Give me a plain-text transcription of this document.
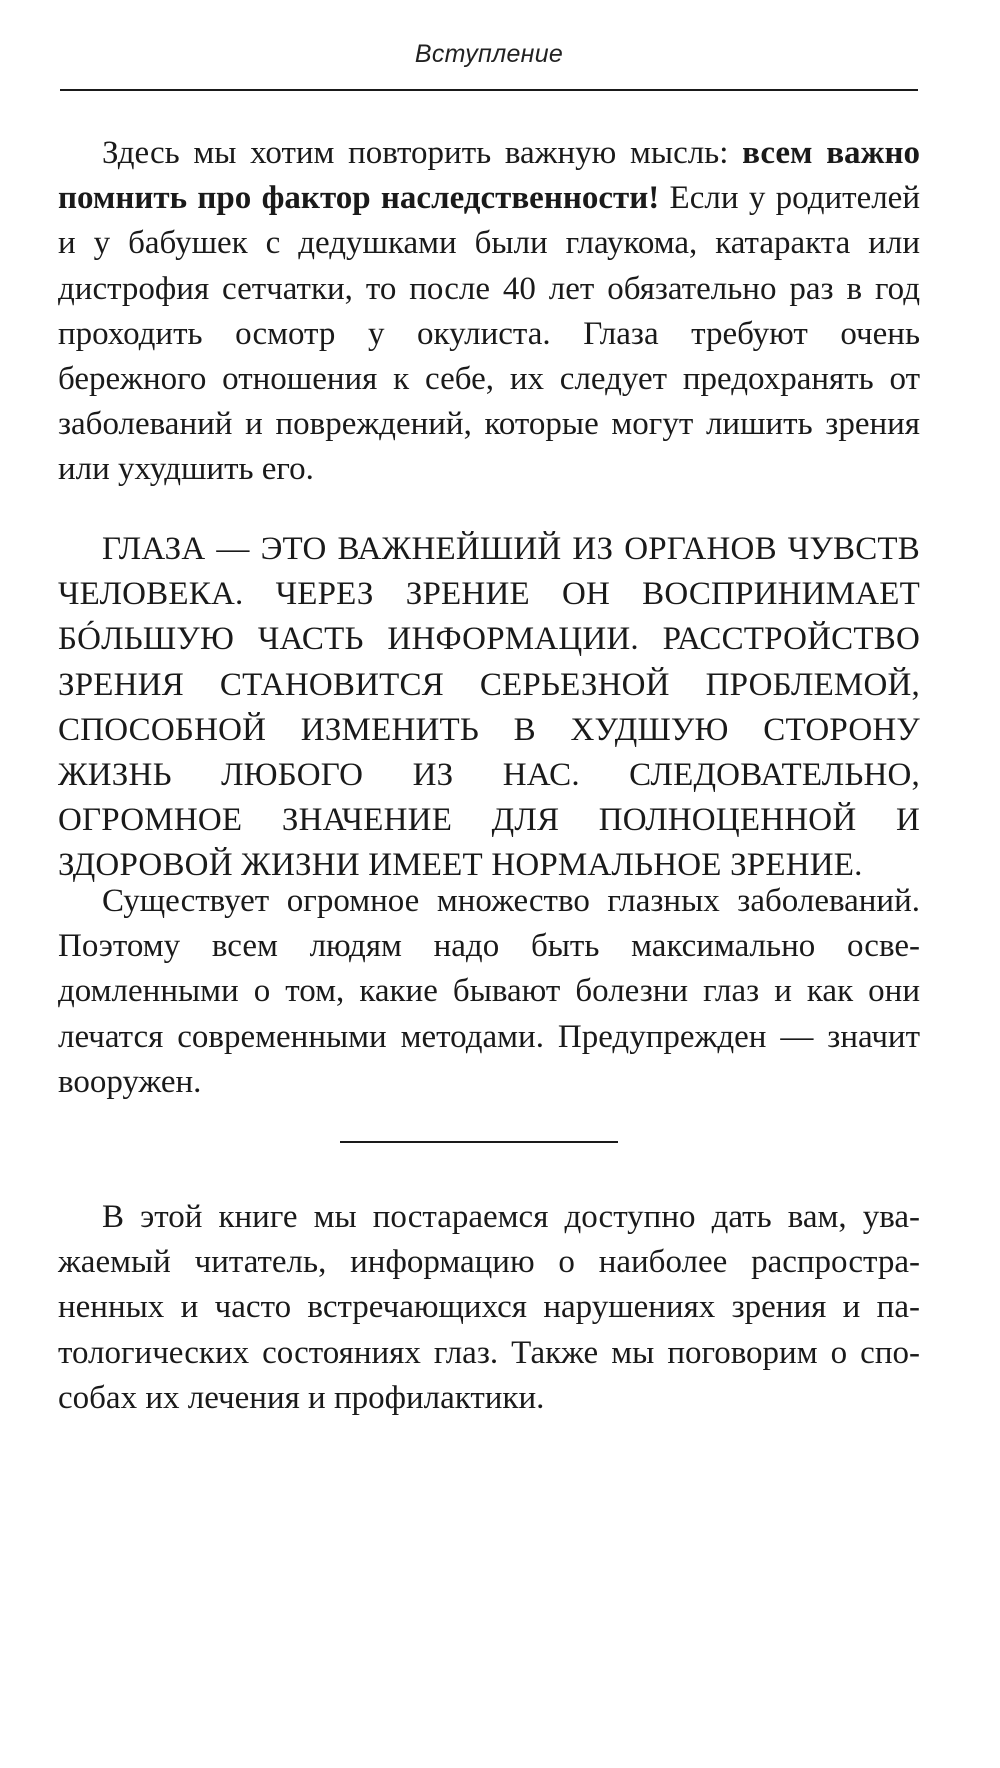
Вступление

Здесь мы хотим повторить важную мысль: всем важно помнить про фактор наследственности! Если у родителей и у бабушек с дедушками были глаукома, катаракта или дистрофия сетчатки, то после 40 лет обязательно раз в год проходить осмотр у окулиста. Глаза требуют очень бережного отношения к себе, их следует предохранять от заболеваний и повреждений, которые могут лишить зрения или ухудшить его.

ГЛАЗА — ЭТО ВАЖНЕЙШИЙ ИЗ ОРГАНОВ ЧУВСТВ ЧЕЛОВЕКА. ЧЕРЕЗ ЗРЕНИЕ ОН ВОСПРИНИМАЕТ БÓЛЬШУЮ ЧАСТЬ ИНФОРМАЦИИ. РАССТРОЙСТВО ЗРЕНИЯ СТАНОВИТСЯ СЕРЬЕЗНОЙ ПРОБЛЕМОЙ, СПОСОБНОЙ ИЗМЕНИТЬ В ХУДШУЮ СТОРОНУ ЖИЗНЬ ЛЮБОГО ИЗ НАС. СЛЕДОВАТЕЛЬНО, ОГРОМНОЕ ЗНАЧЕНИЕ ДЛЯ ПОЛНОЦЕННОЙ И ЗДОРОВОЙ ЖИЗНИ ИМЕЕТ НОРМАЛЬНОЕ ЗРЕНИЕ.

Существует огромное множество глазных заболеваний. Поэтому всем людям надо быть максимально осведомленными о том, какие бывают болезни глаз и как они лечатся современными методами. Предупрежден — значит вооружен.

В этой книге мы постараемся доступно дать вам, уважаемый читатель, информацию о наиболее распространенных и часто встречающихся нарушениях зрения и патологических состояниях глаз. Также мы поговорим о способах их лечения и профилактики.
